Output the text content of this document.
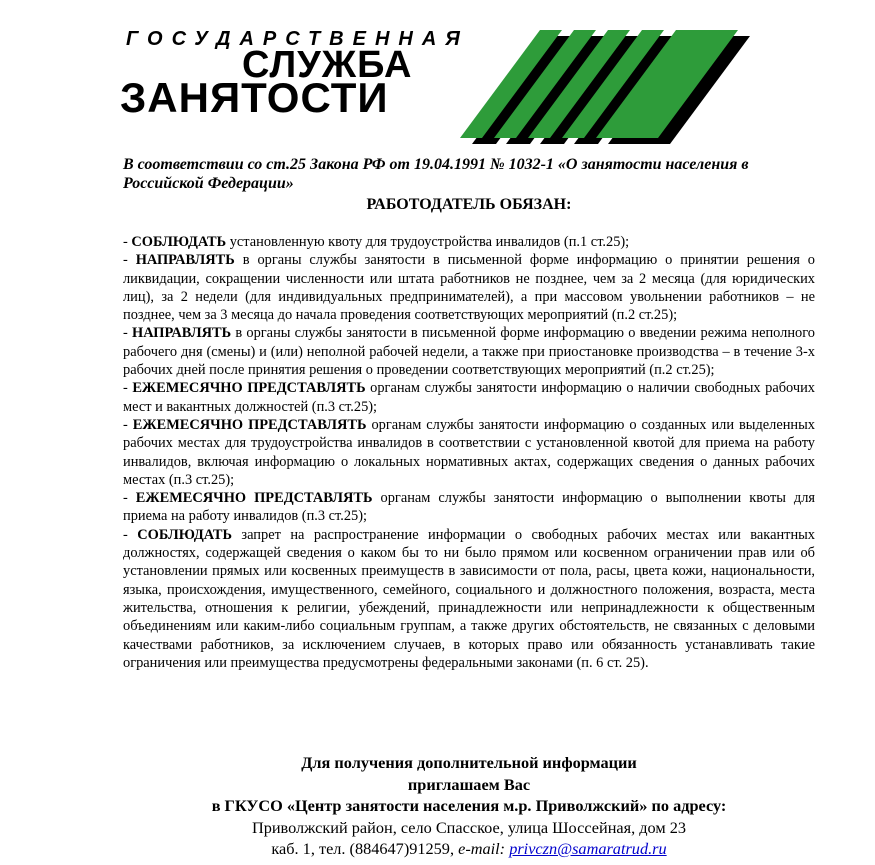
ГОСУДАРСТВЕННАЯ
СЛУЖБА
ЗАНЯТОСТИ
В соответствии со ст.25 Закона РФ от 19.04.1991 № 1032-1 «О занятости населения в Российской Федерации»
РАБОТОДАТЕЛЬ ОБЯЗАН:

- СОБЛЮДАТЬ установленную квоту для трудоустройства инвалидов (п.1 ст.25);

- НАПРАВЛЯТЬ в органы службы занятости в письменной форме информацию о принятии решения о ликвидации, сокращении численности или штата работников не позднее, чем за 2 месяца (для юридических лиц), за 2 недели (для индивидуальных предпринимателей), а при массовом увольнении работников – не позднее, чем за 3 месяца до начала проведения соответствующих мероприятий (п.2 ст.25);

- НАПРАВЛЯТЬ в органы службы занятости в письменной форме информацию о введении режима неполного рабочего дня (смены) и (или) неполной рабочей недели, а также при приостановке производства – в течение 3-х рабочих дней после принятия решения о проведении соответствующих мероприятий (п.2 ст.25);

- ЕЖЕМЕСЯЧНО ПРЕДСТАВЛЯТЬ органам службы занятости информацию о наличии свободных рабочих мест и вакантных должностей (п.3 ст.25);

- ЕЖЕМЕСЯЧНО ПРЕДСТАВЛЯТЬ органам службы занятости информацию о созданных или выделенных рабочих местах для трудоустройства инвалидов в соответствии с установленной квотой для приема на работу инвалидов, включая информацию о локальных нормативных актах, содержащих сведения о данных рабочих местах (п.3 ст.25);

- ЕЖЕМЕСЯЧНО ПРЕДСТАВЛЯТЬ органам службы занятости информацию о выполнении квоты для приема на работу инвалидов (п.3 ст.25);

- СОБЛЮДАТЬ запрет на распространение информации о свободных рабочих местах или вакантных должностях, содержащей сведения о каком бы то ни было прямом или косвенном ограничении прав или об установлении прямых или косвенных преимуществ в зависимости от пола, расы, цвета кожи, национальности, языка, происхождения, имущественного, семейного, социального и должностного положения, возраста, места жительства, отношения к религии, убеждений, принадлежности или непринадлежности к общественным объединениям или каким-либо социальным группам, а также других обстоятельств, не связанных с деловыми качествами работников, за исключением случаев, в которых право или обязанность устанавливать такие ограничения или преимущества предусмотрены федеральными законами (п. 6 ст. 25).

Для получения дополнительной информации
приглашаем Вас
в ГКУСО «Центр занятости населения м.р. Приволжский» по адресу:
Приволжский район, село Спасское, улица Шоссейная, дом 23
каб. 1, тел. (884647)91259, e-mail: privczn@samaratrud.ru
